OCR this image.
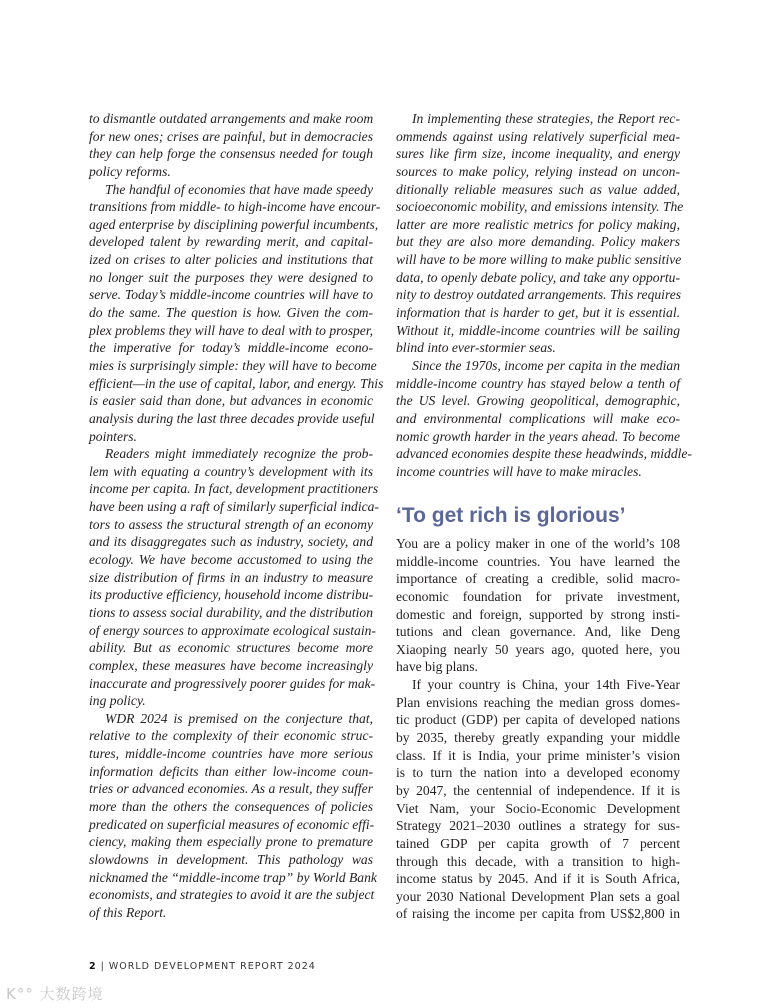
to dismantle outdated arrangements and make room
for new ones; crises are painful, but in democracies
they can help forge the consensus needed for tough
policy reforms.
The handful of economies that have made speedy
transitions from middle- to high-income have encour-
aged enterprise by disciplining powerful incumbents,
developed talent by rewarding merit, and capital-
ized on crises to alter policies and institutions that
no longer suit the purposes they were designed to
serve. Today’s middle-income countries will have to
do the same. The question is how. Given the com-
plex problems they will have to deal with to prosper,
the imperative for today’s middle-income econo-
mies is surprisingly simple: they will have to become
efficient—in the use of capital, labor, and energy. This
is easier said than done, but advances in economic
analysis during the last three decades provide useful
pointers.
Readers might immediately recognize the prob-
lem with equating a country’s development with its
income per capita. In fact, development practitioners
have been using a raft of similarly superficial indica-
tors to assess the structural strength of an economy
and its disaggregates such as industry, society, and
ecology. We have become accustomed to using the
size distribution of firms in an industry to measure
its productive efficiency, household income distribu-
tions to assess social durability, and the distribution
of energy sources to approximate ecological sustain-
ability. But as economic structures become more
complex, these measures have become increasingly
inaccurate and progressively poorer guides for mak-
ing policy.
WDR 2024 is premised on the conjecture that,
relative to the complexity of their economic struc-
tures, middle-income countries have more serious
information deficits than either low-income coun-
tries or advanced economies. As a result, they suffer
more than the others the consequences of policies
predicated on superficial measures of economic effi-
ciency, making them especially prone to premature
slowdowns in development. This pathology was
nicknamed the “middle-income trap” by World Bank
economists, and strategies to avoid it are the subject
of this Report.
In implementing these strategies, the Report rec-
ommends against using relatively superficial mea-
sures like firm size, income inequality, and energy
sources to make policy, relying instead on uncon-
ditionally reliable measures such as value added,
socioeconomic mobility, and emissions intensity. The
latter are more realistic metrics for policy making,
but they are also more demanding. Policy makers
will have to be more willing to make public sensitive
data, to openly debate policy, and take any opportu-
nity to destroy outdated arrangements. This requires
information that is harder to get, but it is essential.
Without it, middle-income countries will be sailing
blind into ever-stormier seas.
Since the 1970s, income per capita in the median
middle-income country has stayed below a tenth of
the US level. Growing geopolitical, demographic,
and environmental complications will make eco-
nomic growth harder in the years ahead. To become
advanced economies despite these headwinds, middle-
income countries will have to make miracles.
‘To get rich is glorious’
You are a policy maker in one of the world’s 108
middle-income countries. You have learned the
importance of creating a credible, solid macro-
economic foundation for private investment,
domestic and foreign, supported by strong insti-
tutions and clean governance. And, like Deng
Xiaoping nearly 50 years ago, quoted here, you
have big plans.
If your country is China, your 14th Five-Year
Plan envisions reaching the median gross domes-
tic product (GDP) per capita of developed nations
by 2035, thereby greatly expanding your middle
class. If it is India, your prime minister’s vision
is to turn the nation into a developed economy
by 2047, the centennial of independence. If it is
Viet Nam, your Socio-Economic Development
Strategy 2021–2030 outlines a strategy for sus-
tained GDP per capita growth of 7 percent
through this decade, with a transition to high-
income status by 2045. And if it is South Africa,
your 2030 National Development Plan sets a goal
of raising the income per capita from US$2,800 in
2 | WORLD DEVELOPMENT REPORT 2024
K°° 大数跨境
